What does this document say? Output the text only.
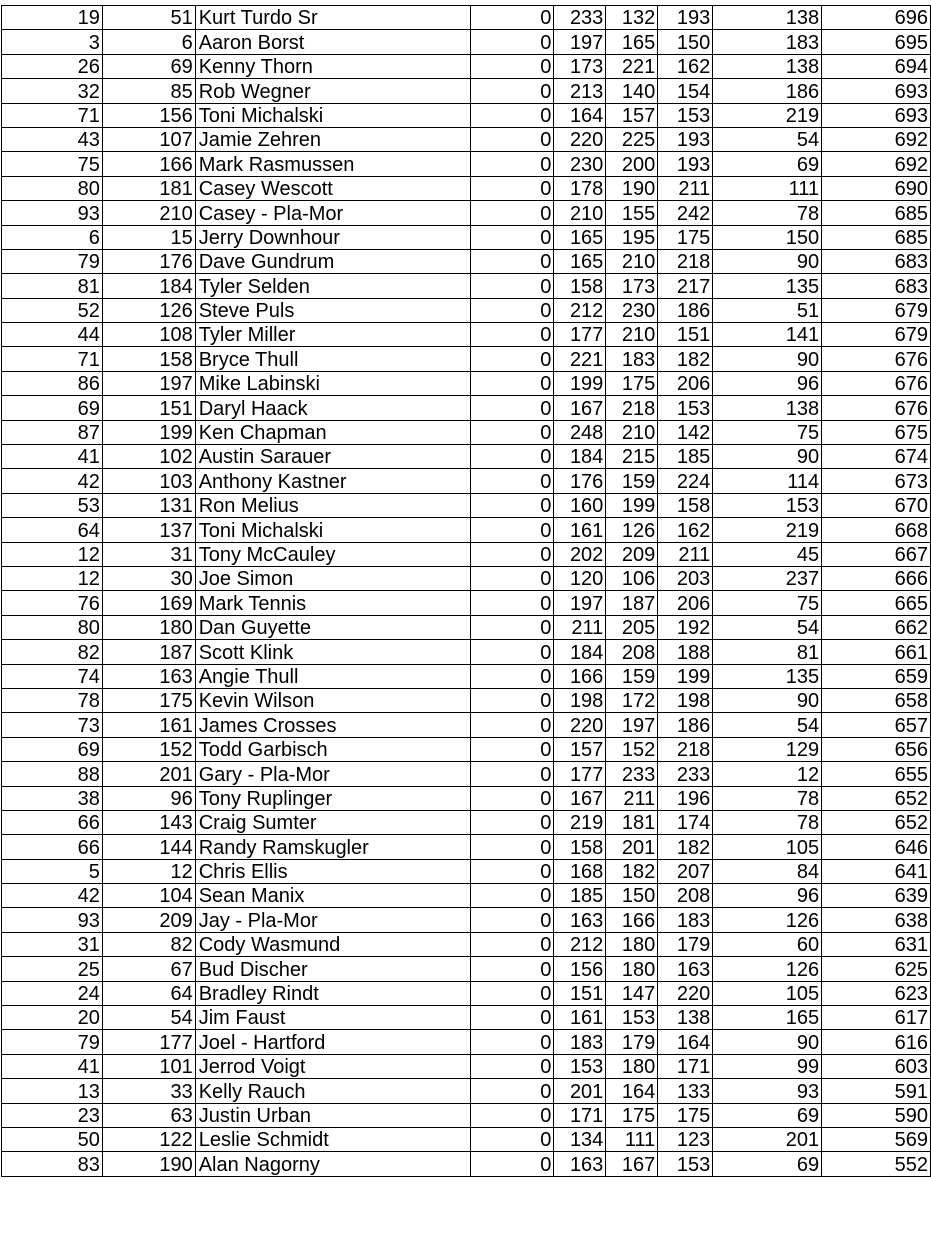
19	51	Kurt Turdo Sr	0	233	132	193	138	696
3	6	Aaron Borst	0	197	165	150	183	695
26	69	Kenny Thorn	0	173	221	162	138	694
32	85	Rob Wegner	0	213	140	154	186	693
71	156	Toni Michalski	0	164	157	153	219	693
43	107	Jamie Zehren	0	220	225	193	54	692
75	166	Mark Rasmussen	0	230	200	193	69	692
80	181	Casey Wescott	0	178	190	211	111	690
93	210	Casey - Pla-Mor	0	210	155	242	78	685
6	15	Jerry Downhour	0	165	195	175	150	685
79	176	Dave Gundrum	0	165	210	218	90	683
81	184	Tyler Selden	0	158	173	217	135	683
52	126	Steve Puls	0	212	230	186	51	679
44	108	Tyler Miller	0	177	210	151	141	679
71	158	Bryce Thull	0	221	183	182	90	676
86	197	Mike Labinski	0	199	175	206	96	676
69	151	Daryl Haack	0	167	218	153	138	676
87	199	Ken Chapman	0	248	210	142	75	675
41	102	Austin Sarauer	0	184	215	185	90	674
42	103	Anthony Kastner	0	176	159	224	114	673
53	131	Ron Melius	0	160	199	158	153	670
64	137	Toni Michalski	0	161	126	162	219	668
12	31	Tony McCauley	0	202	209	211	45	667
12	30	Joe Simon	0	120	106	203	237	666
76	169	Mark Tennis	0	197	187	206	75	665
80	180	Dan Guyette	0	211	205	192	54	662
82	187	Scott Klink	0	184	208	188	81	661
74	163	Angie Thull	0	166	159	199	135	659
78	175	Kevin Wilson	0	198	172	198	90	658
73	161	James Crosses	0	220	197	186	54	657
69	152	Todd Garbisch	0	157	152	218	129	656
88	201	Gary - Pla-Mor	0	177	233	233	12	655
38	96	Tony Ruplinger	0	167	211	196	78	652
66	143	Craig Sumter	0	219	181	174	78	652
66	144	Randy Ramskugler	0	158	201	182	105	646
5	12	Chris Ellis	0	168	182	207	84	641
42	104	Sean Manix	0	185	150	208	96	639
93	209	Jay - Pla-Mor	0	163	166	183	126	638
31	82	Cody Wasmund	0	212	180	179	60	631
25	67	Bud Discher	0	156	180	163	126	625
24	64	Bradley Rindt	0	151	147	220	105	623
20	54	Jim Faust	0	161	153	138	165	617
79	177	Joel - Hartford	0	183	179	164	90	616
41	101	Jerrod Voigt	0	153	180	171	99	603
13	33	Kelly Rauch	0	201	164	133	93	591
23	63	Justin Urban	0	171	175	175	69	590
50	122	Leslie Schmidt	0	134	111	123	201	569
83	190	Alan Nagorny	0	163	167	153	69	552
